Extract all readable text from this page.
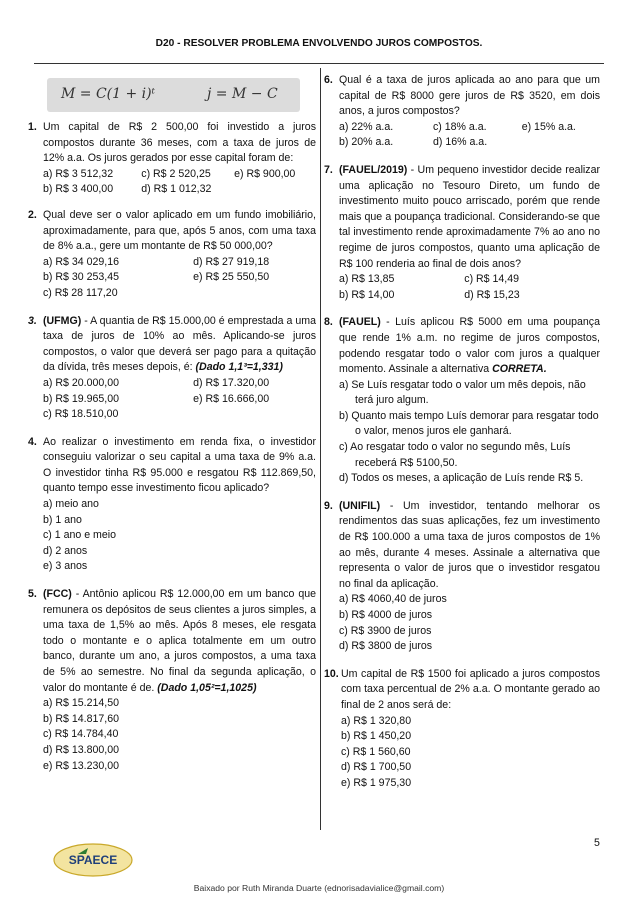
D20 - RESOLVER PROBLEMA ENVOLVENDO JUROS COMPOSTOS.
M = C(1 + i)ᵗ	j = M − C
1. Um capital de R$ 2 500,00 foi investido a juros compostos durante 36 meses, com a taxa de juros de 12% a.a. Os juros gerados por esse capital foram de:
a) R$ 3 512,32	c) R$ 2 520,25	e) R$ 900,00
b) R$ 3 400,00	d) R$ 1 012,32
2. Qual deve ser o valor aplicado em um fundo imobiliário, aproximadamente, para que, após 5 anos, com uma taxa de 8% a.a., gere um montante de R$ 50 000,00?
a) R$ 34 029,16	d) R$ 27 919,18
b) R$ 30 253,45	e) R$ 25 550,50
c) R$ 28 117,20
3. (UFMG) - A quantia de R$ 15.000,00 é emprestada a uma taxa de juros de 10% ao mês. Aplicando-se juros compostos, o valor que deverá ser pago para a quitação da dívida, três meses depois, é: (Dado 1,1³=1,331)
a) R$ 20.000,00	d) R$ 17.320,00
b) R$ 19.965,00	e) R$ 16.666,00
c) R$ 18.510,00
4. Ao realizar o investimento em renda fixa, o investidor conseguiu valorizar o seu capital a uma taxa de 9% a.a. O investidor tinha R$ 95.000 e resgatou R$ 112.869,50, quanto tempo esse investimento ficou aplicado?
a) meio ano
b) 1 ano
c) 1 ano e meio
d) 2 anos
e) 3 anos
5. (FCC) - Antônio aplicou R$ 12.000,00 em um banco que remunera os depósitos de seus clientes a juros simples, a uma taxa de 1,5% ao mês. Após 8 meses, ele resgata todo o montante e o aplica totalmente em um outro banco, durante um ano, a juros compostos, a uma taxa de 5% ao semestre. No final da segunda aplicação, o valor do montante é de. (Dado 1,05²=1,1025)
a) R$ 15.214,50
b) R$ 14.817,60
c) R$ 14.784,40
d) R$ 13.800,00
e) R$ 13.230,00
6. Qual é a taxa de juros aplicada ao ano para que um capital de R$ 8000 gere juros de R$ 3520, em dois anos, a juros compostos?
a) 22% a.a.	c) 18% a.a.	e) 15% a.a.
b) 20% a.a.	d) 16% a.a.
7. (FAUEL/2019) - Um pequeno investidor decide realizar uma aplicação no Tesouro Direto, um fundo de investimento muito pouco arriscado, porém que rende mais que a poupança tradicional. Considerando-se que tal investimento rende aproximadamente 7% ao ano no regime de juros compostos, quanto uma aplicação de R$ 100 renderia ao final de dois anos?
a) R$ 13,85	c) R$ 14,49
b) R$ 14,00	d) R$ 15,23
8. (FAUEL) - Luís aplicou R$ 5000 em uma poupança que rende 1% a.m. no regime de juros compostos, podendo resgatar todo o valor com juros a qualquer momento. Assinale a alternativa CORRETA.
a) Se Luís resgatar todo o valor um mês depois, não terá juro algum.
b) Quanto mais tempo Luís demorar para resgatar todo o valor, menos juros ele ganhará.
c) Ao resgatar todo o valor no segundo mês, Luís receberá R$ 5100,50.
d) Todos os meses, a aplicação de Luís rende R$ 5.
9. (UNIFIL) - Um investidor, tentando melhorar os rendimentos das suas aplicações, fez um investimento de R$ 100.000 a uma taxa de juros compostos de 1% ao mês, durante 4 meses. Assinale a alternativa que representa o valor de juros que o investidor resgatou no final da aplicação.
a) R$ 4060,40 de juros
b) R$ 4000 de juros
c) R$ 3900 de juros
d) R$ 3800 de juros
10. Um capital de R$ 1500 foi aplicado a juros compostos com taxa percentual de 2% a.a. O montante gerado ao final de 2 anos será de:
a) R$ 1 320,80
b) R$ 1 450,20
c) R$ 1 560,60
d) R$ 1 700,50
e) R$ 1 975,30
5
SPAECE
Baixado por Ruth Miranda Duarte (ednorisadavialice@gmail.com)
